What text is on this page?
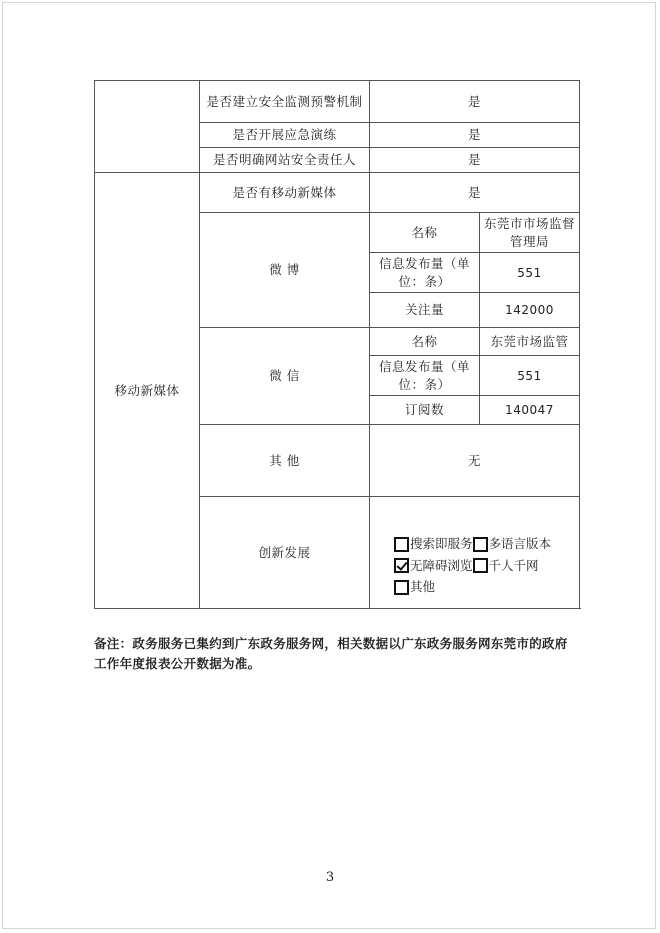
	是否建立安全监测预警机制	是	
	是否开展应急演练	是	
	是否明确网站安全责任人	是	
移动新媒体	是否有移动新媒体	是	
	微 博	名称	东莞市市场监督管理局
		信息发布量（单位：条）	551
		关注量	142000
	微 信	名称	东莞市场监管
		信息发布量（单位：条）	551
		订阅数	140047
	其 他	无	
	创新发展	搜索即服务 多语言版本
无障碍浏览 千人千网
其他	
备注：政务服务已集约到广东政务服务网，相关数据以广东政务服务网东莞市的政府工作年度报表公开数据为准。
3
